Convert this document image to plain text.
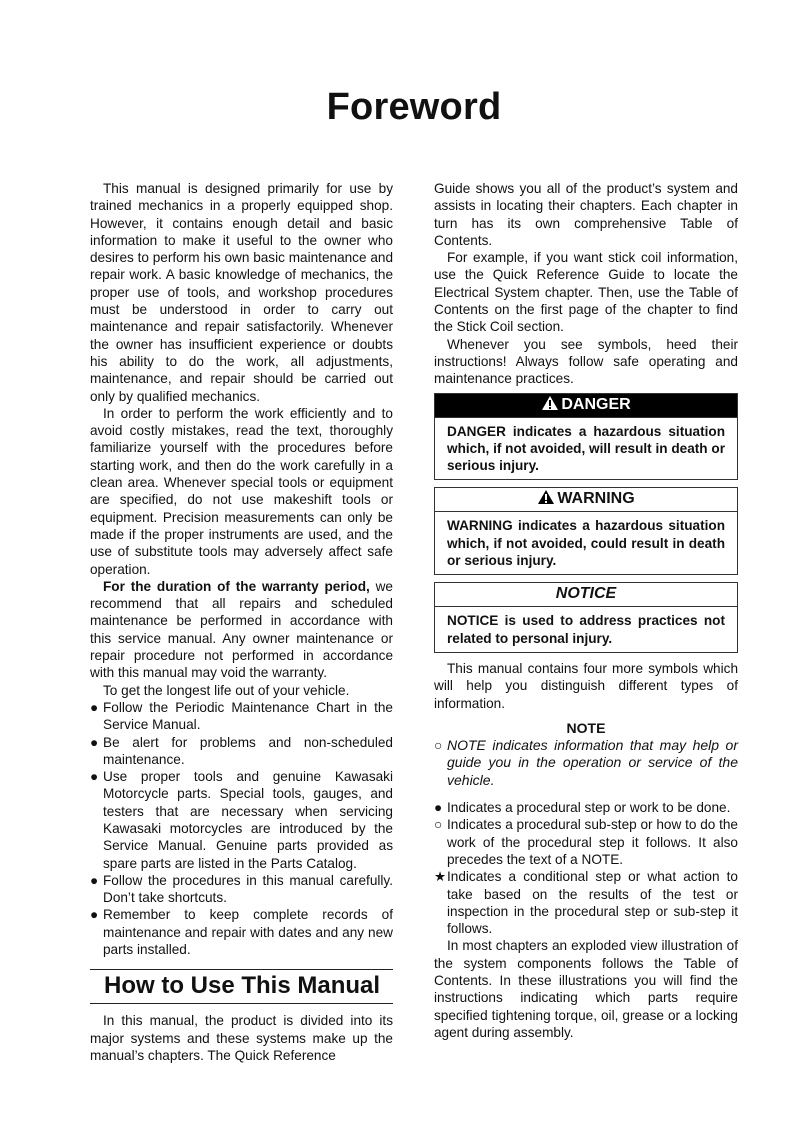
Foreword

This manual is designed primarily for use by trained mechanics in a properly equipped shop. However, it contains enough detail and basic information to make it useful to the owner who desires to perform his own basic maintenance and repair work. A basic knowledge of mechanics, the proper use of tools, and workshop procedures must be understood in order to carry out maintenance and repair satisfactorily. Whenever the owner has insufficient experience or doubts his ability to do the work, all adjustments, maintenance, and repair should be carried out only by qualified mechanics.

In order to perform the work efficiently and to avoid costly mistakes, read the text, thoroughly familiarize yourself with the procedures before starting work, and then do the work carefully in a clean area. Whenever special tools or equipment are specified, do not use makeshift tools or equipment. Precision measurements can only be made if the proper instruments are used, and the use of substitute tools may adversely affect safe operation.

For the duration of the warranty period, we recommend that all repairs and scheduled maintenance be performed in accordance with this service manual. Any owner maintenance or repair procedure not performed in accordance with this manual may void the warranty.

To get the longest life out of your vehicle.

● Follow the Periodic Maintenance Chart in the Service Manual.
● Be alert for problems and non-scheduled maintenance.
● Use proper tools and genuine Kawasaki Motorcycle parts. Special tools, gauges, and testers that are necessary when servicing Kawasaki motorcycles are introduced by the Service Manual. Genuine parts provided as spare parts are listed in the Parts Catalog.
● Follow the procedures in this manual carefully. Don’t take shortcuts.
● Remember to keep complete records of maintenance and repair with dates and any new parts installed.
How to Use This Manual

In this manual, the product is divided into its major systems and these systems make up the manual’s chapters. The Quick Reference

Guide shows you all of the product’s system and assists in locating their chapters. Each chapter in turn has its own comprehensive Table of Contents.

For example, if you want stick coil information, use the Quick Reference Guide to locate the Electrical System chapter. Then, use the Table of Contents on the first page of the chapter to find the Stick Coil section.

Whenever you see symbols, heed their instructions! Always follow safe operating and maintenance practices.

DANGER
DANGER indicates a hazardous situation which, if not avoided, will result in death or serious injury.
WARNING
WARNING indicates a hazardous situation which, if not avoided, could result in death or serious injury.
NOTICE
NOTICE is used to address practices not related to personal injury.

This manual contains four more symbols which will help you distinguish different types of information.

NOTE
○ NOTE indicates information that may help or guide you in the operation or service of the vehicle.
● Indicates a procedural step or work to be done.
○ Indicates a procedural sub-step or how to do the work of the procedural step it follows. It also precedes the text of a NOTE.
★ Indicates a conditional step or what action to take based on the results of the test or inspection in the procedural step or sub-step it follows.

In most chapters an exploded view illustration of the system components follows the Table of Contents. In these illustrations you will find the instructions indicating which parts require specified tightening torque, oil, grease or a locking agent during assembly.
